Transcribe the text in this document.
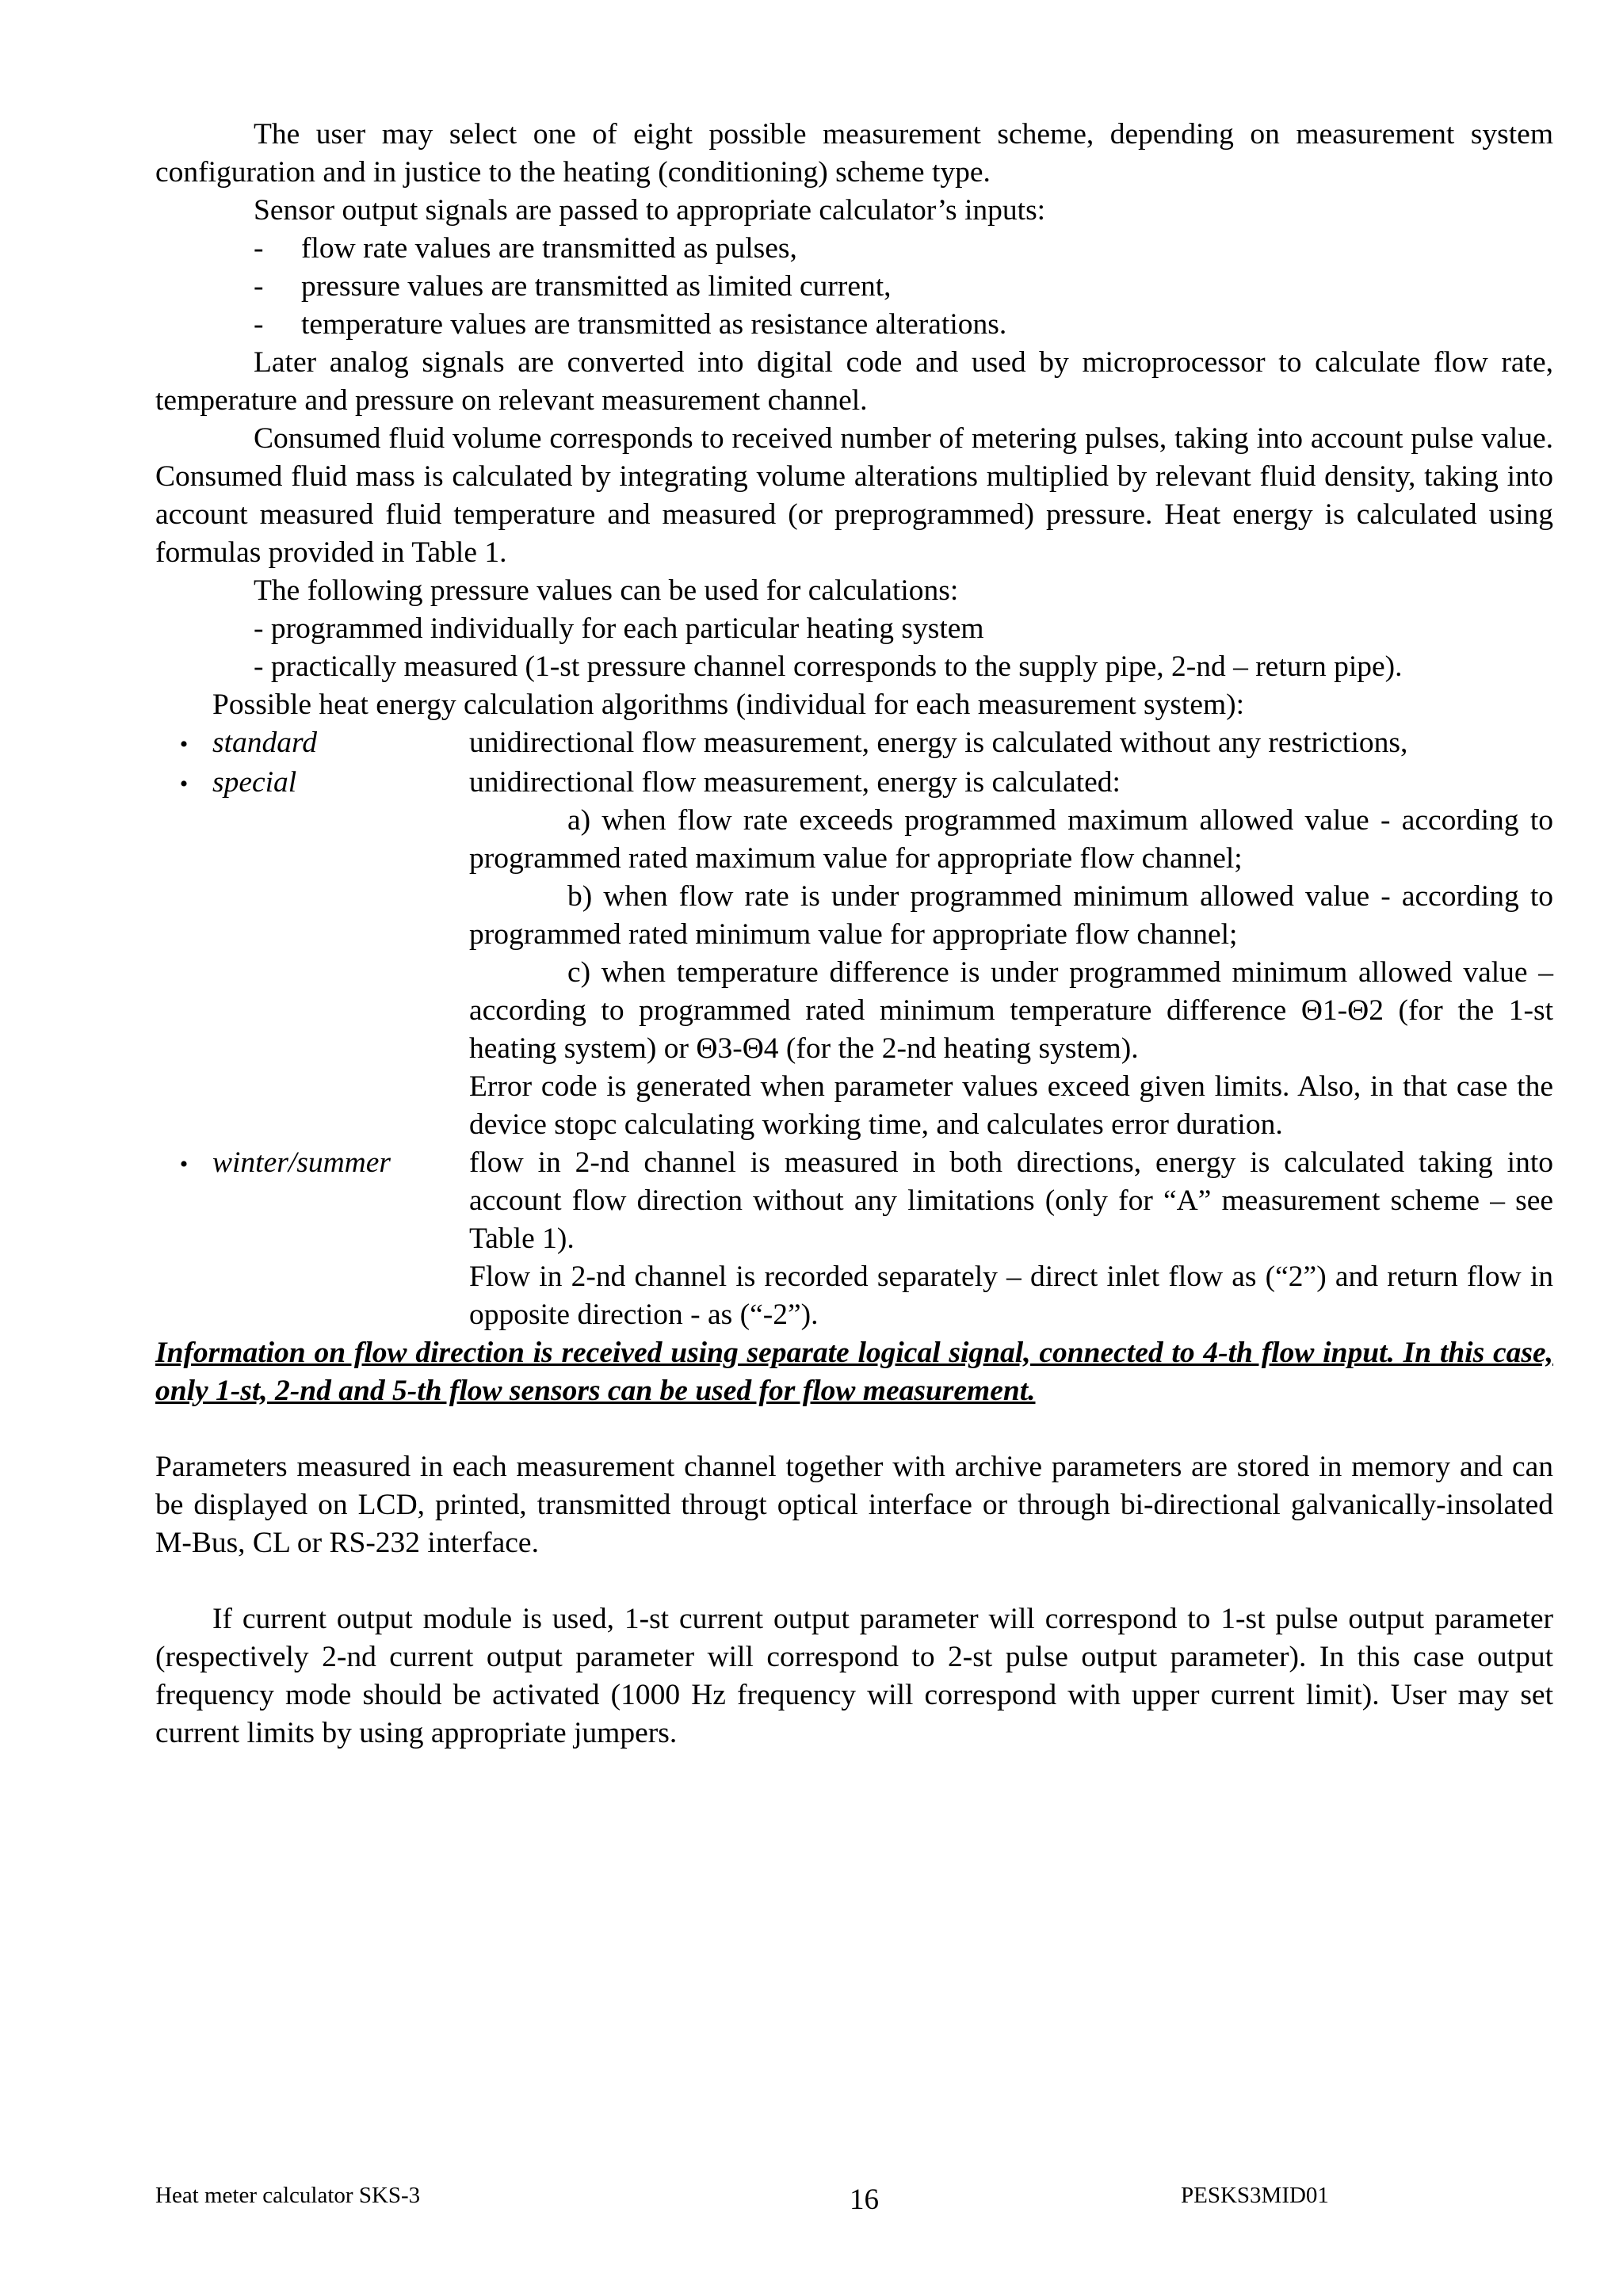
The user may select one of eight possible measurement scheme, depending on measurement system configuration and in justice to the heating (conditioning) scheme type.

Sensor output signals are passed to appropriate calculator’s inputs:

-	flow rate values are transmitted as pulses,
-	pressure values are transmitted as limited current,
-	temperature values are transmitted as resistance alterations.

Later analog signals are converted into digital code and used by microprocessor to calculate flow rate, temperature and pressure on relevant measurement channel.

Consumed fluid volume corresponds to received number of metering pulses, taking into account pulse value. Consumed fluid mass is calculated by integrating volume alterations multiplied by relevant fluid density, taking into account measured fluid temperature and measured (or preprogrammed) pressure. Heat energy is calculated using formulas provided in Table 1.

The following pressure values can be used for calculations:

- programmed individually for each particular heating system

- practically measured (1-st pressure channel corresponds to the supply pipe, 2-nd – return pipe).

Possible heat energy calculation algorithms (individual for each measurement system):

•
standard	unidirectional flow measurement, energy is calculated without any restrictions,

•
special	unidirectional flow measurement, energy is calculated:

a) when flow rate exceeds programmed maximum allowed value - according to programmed rated maximum value for appropriate flow channel;

b) when flow rate is under programmed minimum allowed value - according to programmed rated minimum value for appropriate flow channel;

c) when temperature difference is under programmed minimum allowed value – according to programmed rated minimum temperature difference Θ1-Θ2 (for the 1-st heating system) or Θ3-Θ4 (for the 2-nd heating system).

Error code is generated when parameter values exceed given limits. Also, in that case the device stopc calculating working time, and calculates error duration.

•
winter/summer	flow in 2-nd channel is measured in both directions, energy is calculated taking into account flow direction without any limitations (only for “A” measurement scheme – see Table 1).

Flow in 2-nd channel is recorded separately – direct inlet flow as (“2”) and return flow in opposite direction - as (“-2”).

Information on flow direction is received using separate logical signal, connected to 4-th flow input. In this case, only 1-st, 2-nd and 5-th flow sensors can be used for flow measurement.

Parameters measured in each measurement channel together with archive parameters are stored in memory and can be displayed on LCD, printed, transmitted througt optical interface or through bi-directional galvanically-insolated M-Bus, CL or RS-232 interface.

If current output module is used, 1-st current output parameter will correspond to 1-st pulse output parameter (respectively 2-nd current output parameter will correspond to 2-st pulse output parameter). In this case output frequency mode should be activated (1000 Hz frequency will correspond with upper current limit). User may set current limits by using appropriate jumpers.

Heat meter calculator SKS-3	16	PESKS3MID01
